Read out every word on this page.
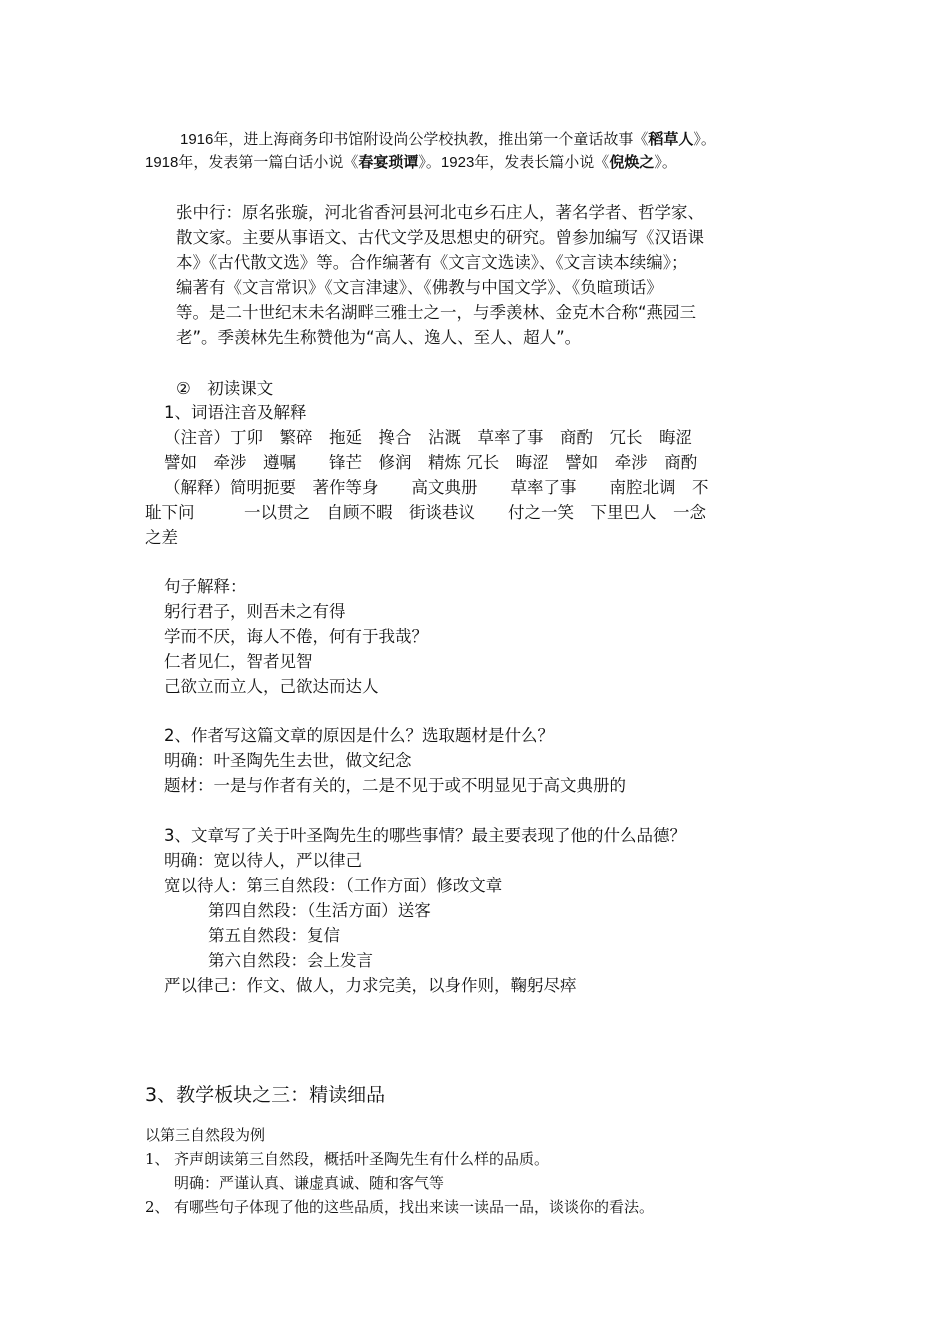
1916年，进上海商务印书馆附设尚公学校执教，推出第一个童话故事《稻草人》。
1918年，发表第一篇白话小说《春宴琐谭》。1923年，发表长篇小说《倪焕之》。

张中行：原名张璇，河北省香河县河北屯乡石庄人，著名学者、哲学家、

散文家。主要从事语文、古代文学及思想史的研究。曾参加编写《汉语课

本》《古代散文选》等。合作编著有《文言文选读》、《文言读本续编》；

编著有《文言常识》《文言津逮》、《佛教与中国文学》、《负暄琐话》

等。是二十世纪末未名湖畔三雅士之一，与季羡林、金克木合称“燕园三

老”。季羡林先生称赞他为“高人、逸人、至人、超人”。

②　初读课文

1、词语注音及解释

（注音）丁卯　繁碎　拖延　搀合　沾溉　草率了事　商酌　冗长　晦涩

譬如　牵涉　遵嘱　　锋芒　修润　精炼 冗长　晦涩　譬如　牵涉　商酌

（解释）简明扼要　著作等身　　高文典册　　草率了事　　南腔北调　不

耻下问　　　一以贯之　自顾不暇　街谈巷议　　付之一笑　下里巴人　一念

之差

句子解释：

躬行君子，则吾未之有得

学而不厌，诲人不倦，何有于我哉？

仁者见仁，智者见智

己欲立而立人，己欲达而达人

2、作者写这篇文章的原因是什么？选取题材是什么？

明确：叶圣陶先生去世，做文纪念

题材：一是与作者有关的，二是不见于或不明显见于高文典册的

3、文章写了关于叶圣陶先生的哪些事情？最主要表现了他的什么品德？

明确：宽以待人，严以律己

宽以待人：第三自然段：（工作方面）修改文章

第四自然段：（生活方面）送客

第五自然段：复信

第六自然段：会上发言

严以律己：作文、做人，力求完美，以身作则，鞠躬尽瘁

3、教学板块之三：精读细品

以第三自然段为例

1、 齐声朗读第三自然段，概括叶圣陶先生有什么样的品质。

明确：严谨认真、谦虚真诚、随和客气等

2、 有哪些句子体现了他的这些品质，找出来读一读品一品，谈谈你的看法。
